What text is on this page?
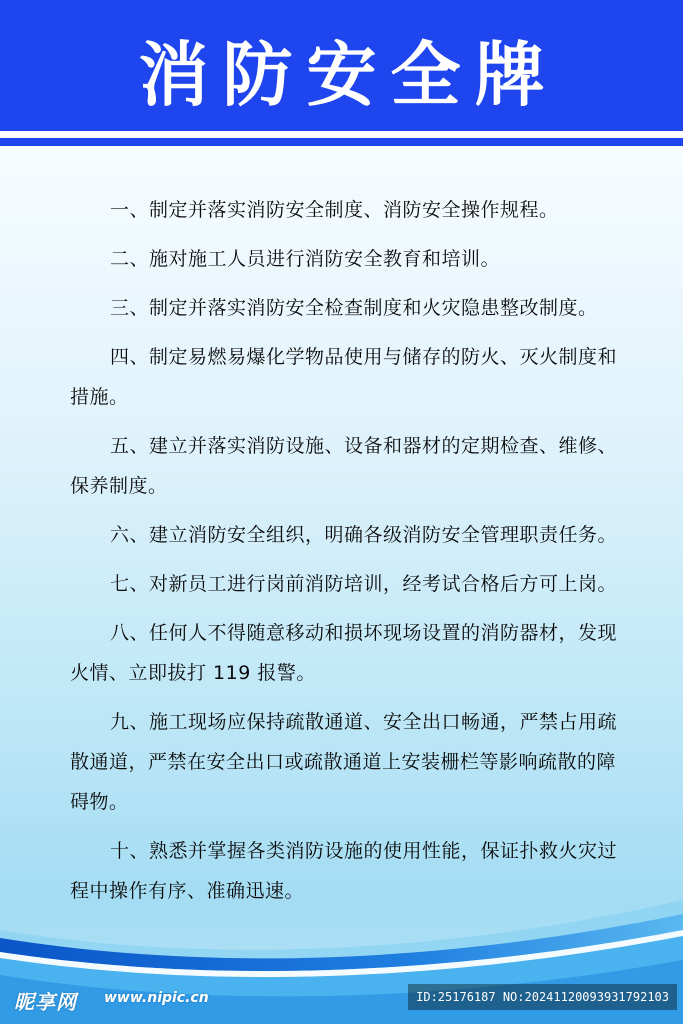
消防安全牌

一、制定并落实消防安全制度、消防安全操作规程。

二、施对施工人员进行消防安全教育和培训。

三、制定并落实消防安全检查制度和火灾隐患整改制度。

四、制定易燃易爆化学物品使用与储存的防火、灭火制度和措施。

五、建立并落实消防设施、设备和器材的定期检查、维修、保养制度。

六、建立消防安全组织，明确各级消防安全管理职责任务。

七、对新员工进行岗前消防培训，经考试合格后方可上岗。

八、任何人不得随意移动和损坏现场设置的消防器材，发现火情、立即拔打 119 报警。

九、施工现场应保持疏散通道、安全出口畅通，严禁占用疏散通道，严禁在安全出口或疏散通道上安装栅栏等影响疏散的障碍物。

十、熟悉并掌握各类消防设施的使用性能，保证扑救火灾过程中操作有序、准确迅速。

昵享网 www.nipic.cn	ID:25176187 NO:20241120093931792103
